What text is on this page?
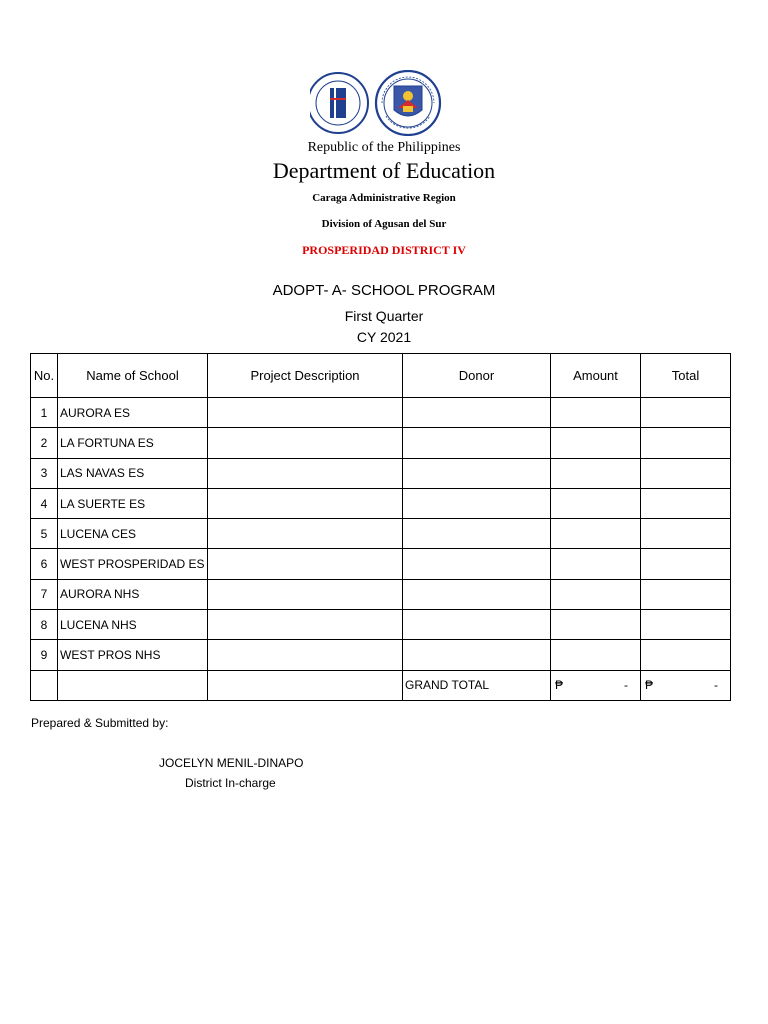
Republic of the Philippines
Department of Education
Caraga Administrative Region
Division of Agusan del Sur
PROSPERIDAD DISTRICT IV
ADOPT- A- SCHOOL PROGRAM
First Quarter
CY 2021
No.	Name of School	Project Description	Donor	Amount	Total
1	AURORA ES				
2	LA FORTUNA ES				
3	LAS NAVAS ES				
4	LA SUERTE ES				
5	LUCENA CES				
6	WEST PROSPERIDAD ES				
7	AURORA NHS				
8	LUCENA NHS				
9	WEST PROS NHS				
			GRAND TOTAL	₱ -	₱ -
Prepared & Submitted by:
JOCELYN MENIL-DINAPO
District In-charge
